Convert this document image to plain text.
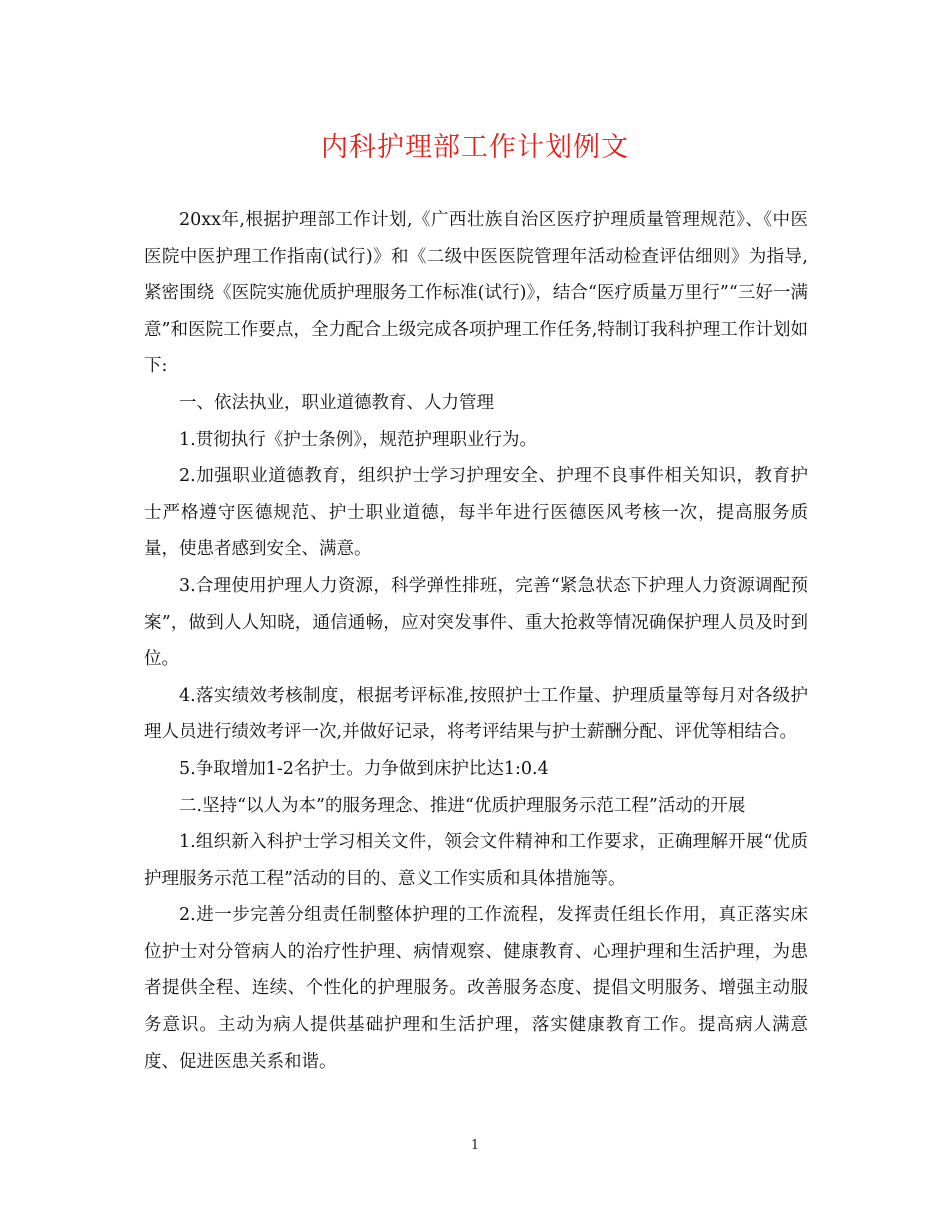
内科护理部工作计划例文

20xx年,根据护理部工作计划,《广西壮族自治区医疗护理质量管理规范》、《中医医院中医护理工作指南(试行)》和《二级中医医院管理年活动检查评估细则》为指导,紧密围绕《医院实施优质护理服务工作标准(试行)》，结合“医疗质量万里行”“三好一满意”和医院工作要点，全力配合上级完成各项护理工作任务,特制订我科护理工作计划如下:

一、依法执业，职业道德教育、人力管理

1.贯彻执行《护士条例》，规范护理职业行为。

2.加强职业道德教育，组织护士学习护理安全、护理不良事件相关知识，教育护士严格遵守医德规范、护士职业道德，每半年进行医德医风考核一次，提高服务质量，使患者感到安全、满意。

3.合理使用护理人力资源，科学弹性排班，完善“紧急状态下护理人力资源调配预案”，做到人人知晓，通信通畅，应对突发事件、重大抢救等情况确保护理人员及时到位。

4.落实绩效考核制度，根据考评标准,按照护士工作量、护理质量等每月对各级护理人员进行绩效考评一次,并做好记录，将考评结果与护士薪酬分配、评优等相结合。

5.争取增加1-2名护士。力争做到床护比达1:0.4

二.坚持“以人为本”的服务理念、推进“优质护理服务示范工程”活动的开展

1.组织新入科护士学习相关文件，领会文件精神和工作要求，正确理解开展“优质护理服务示范工程”活动的目的、意义工作实质和具体措施等。

2.进一步完善分组责任制整体护理的工作流程，发挥责任组长作用，真正落实床位护士对分管病人的治疗性护理、病情观察、健康教育、心理护理和生活护理，为患者提供全程、连续、个性化的护理服务。改善服务态度、提倡文明服务、增强主动服务意识。主动为病人提供基础护理和生活护理，落实健康教育工作。提高病人满意度、促进医患关系和谐。

1
